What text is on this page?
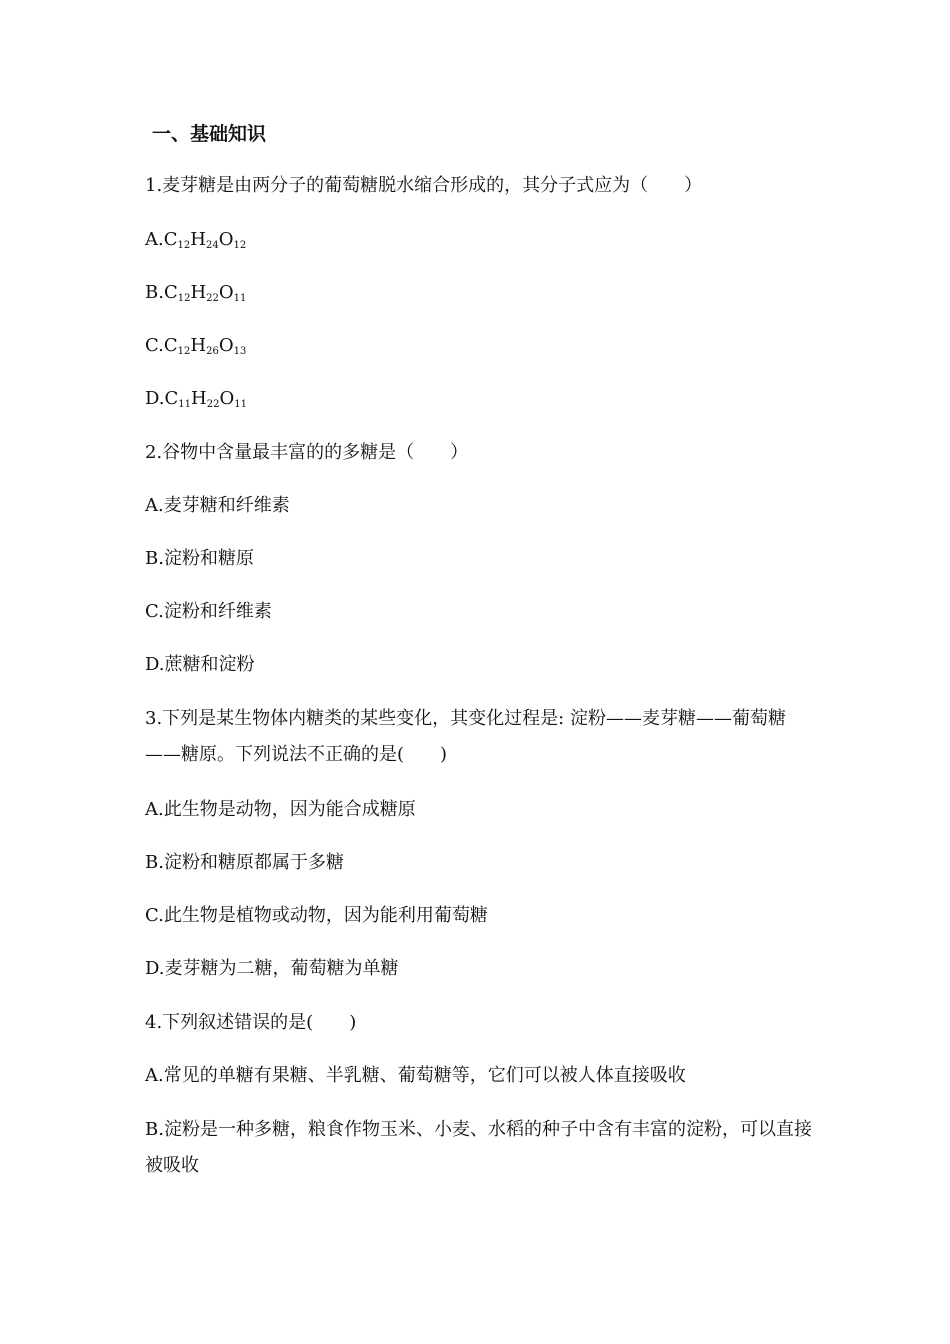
一、基础知识

1.麦芽糖是由两分子的葡萄糖脱水缩合形成的，其分子式应为（　　）

$A.C_{12}H_{24}O_{12}$

$B.C_{12}H_{22}O_{11}$

$C.C_{12}H_{26}O_{13}$

$D.C_{11}H_{22}O_{11}$

2.谷物中含量最丰富的的多糖是（　　）

A.麦芽糖和纤维素

B.淀粉和糖原

C.淀粉和纤维素

D.蔗糖和淀粉

3.下列是某生物体内糖类的某些变化，其变化过程是: 淀粉——麦芽糖——葡萄糖——糖原。下列说法不正确的是(　　)

A.此生物是动物，因为能合成糖原

B.淀粉和糖原都属于多糖

C.此生物是植物或动物，因为能利用葡萄糖

D.麦芽糖为二糖，葡萄糖为单糖

4.下列叙述错误的是(　　)

A.常见的单糖有果糖、半乳糖、葡萄糖等，它们可以被人体直接吸收

B.淀粉是一种多糖，粮食作物玉米、小麦、水稻的种子中含有丰富的淀粉，可以直接被吸收
